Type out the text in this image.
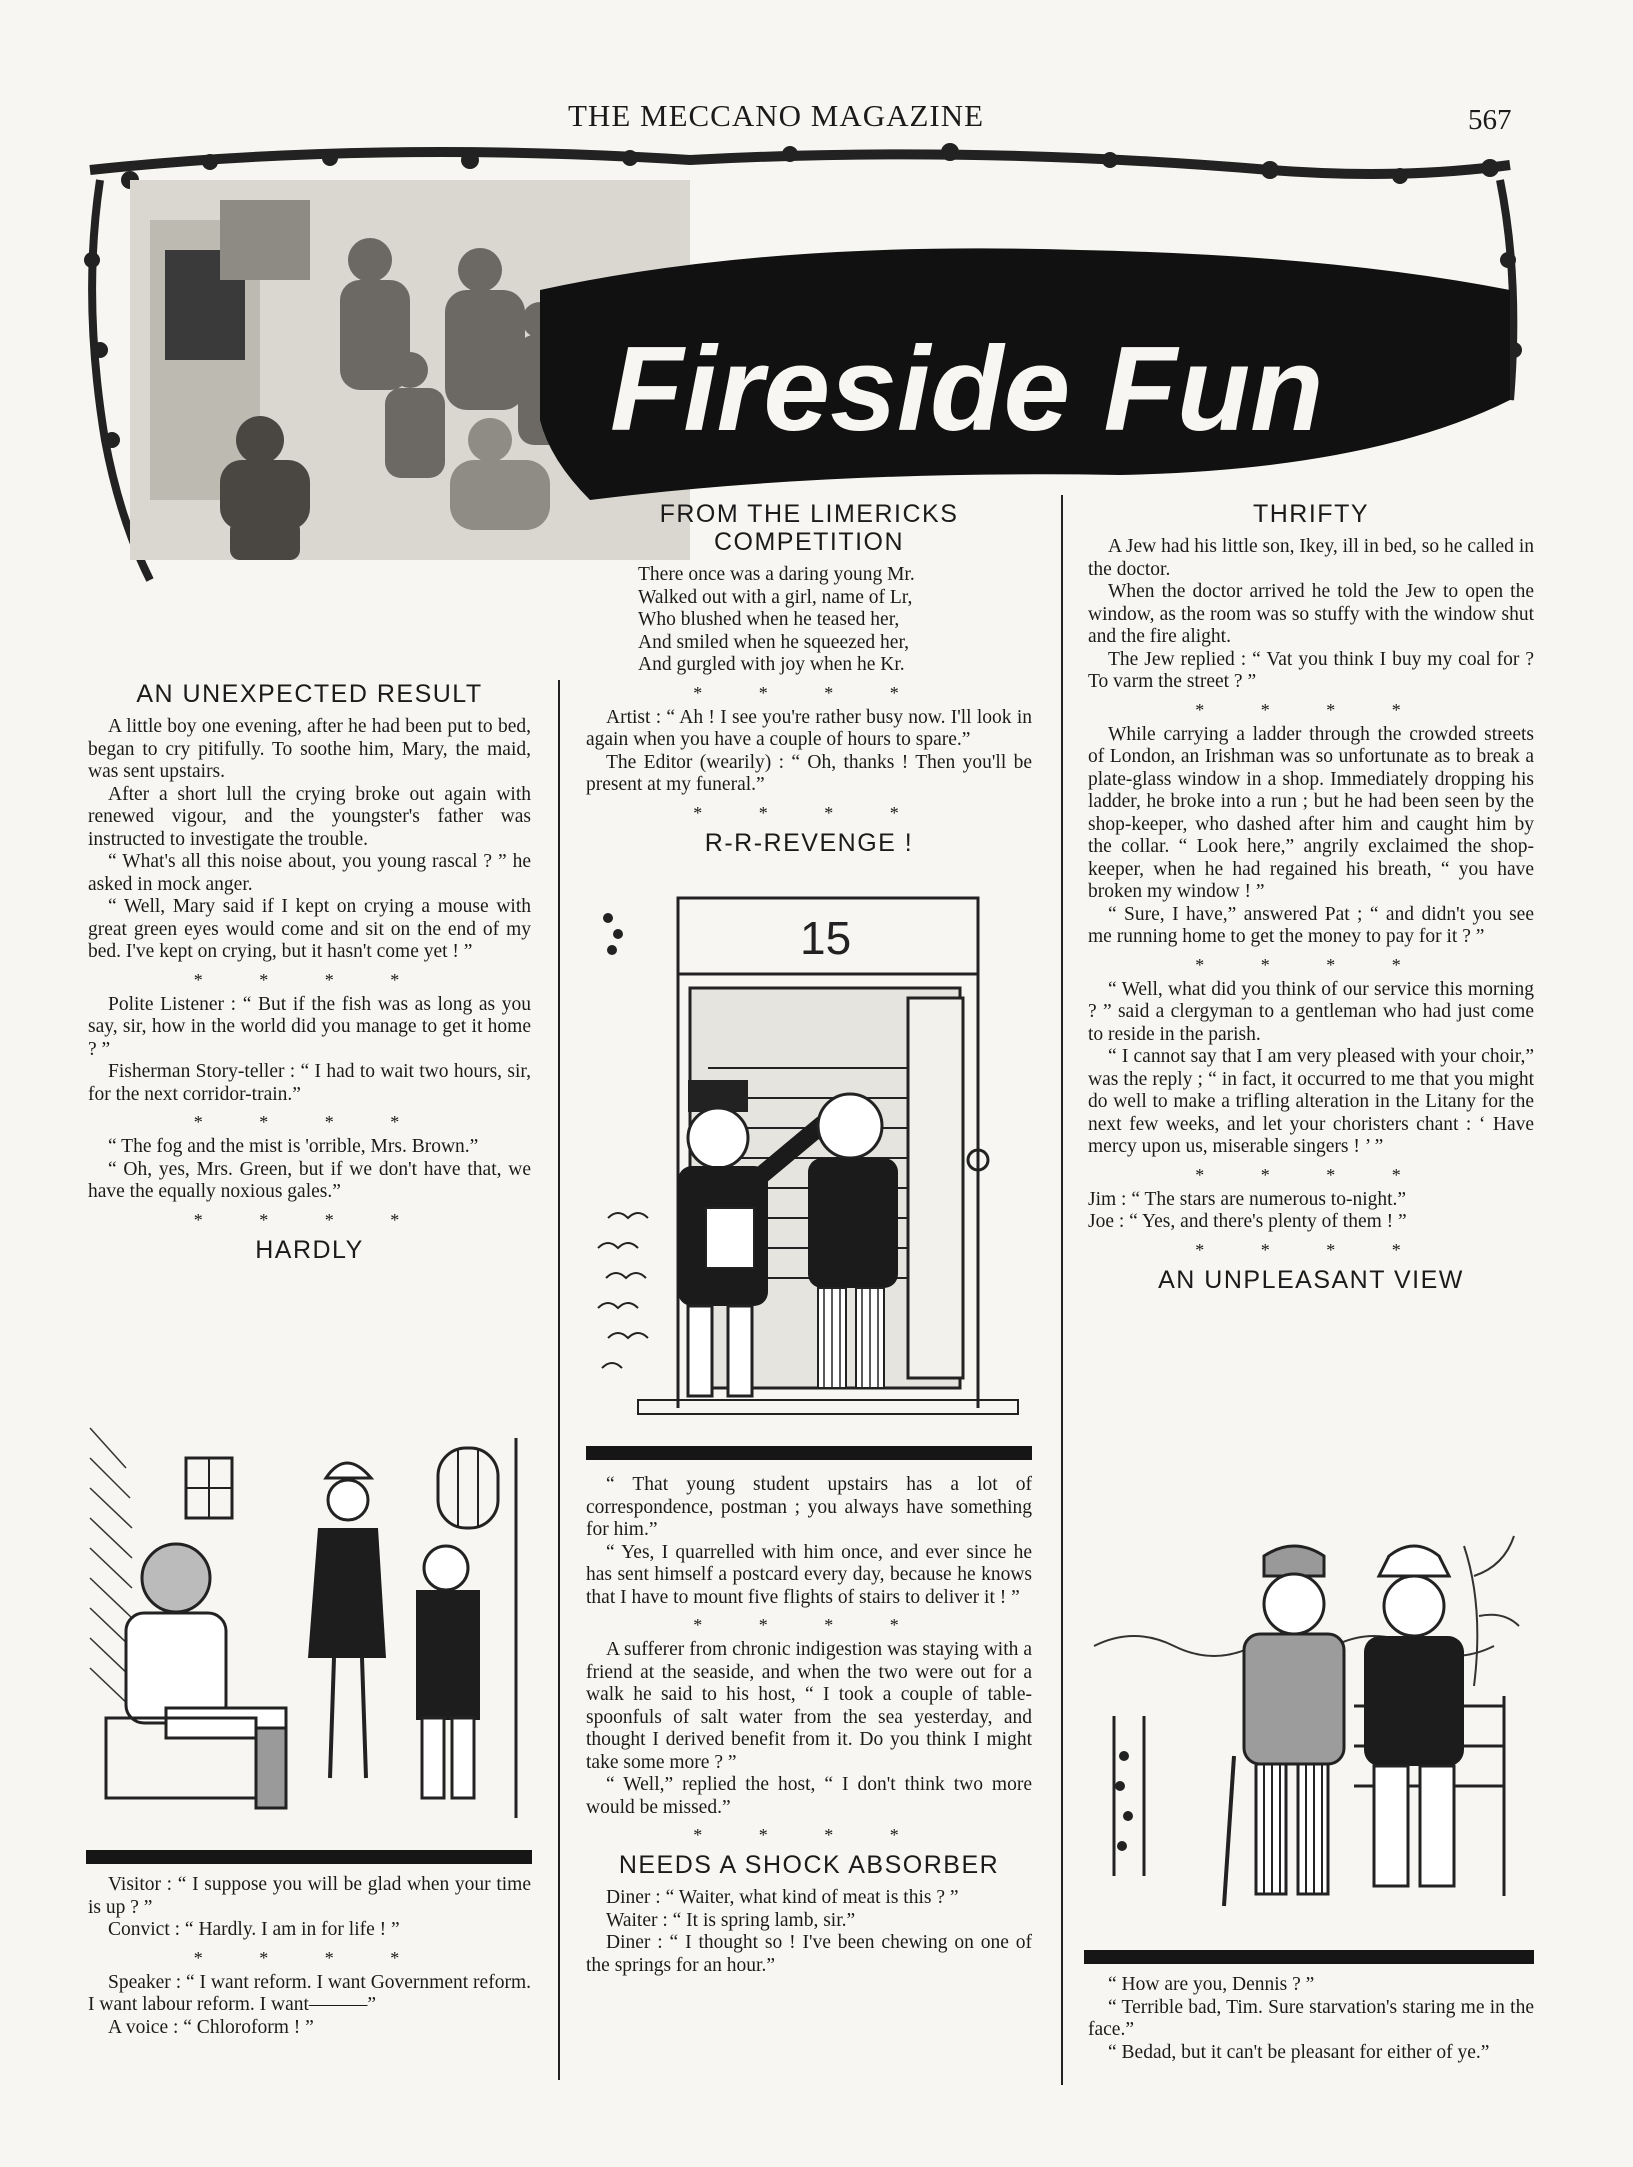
THE MECCANO MAGAZINE	567
Fireside Fun
AN UNEXPECTED RESULT

A little boy one evening, after he had been put to bed, began to cry pitifully. To soothe him, Mary, the maid, was sent upstairs.

After a short lull the crying broke out again with renewed vigour, and the youngster's father was instructed to investigate the trouble.

“ What's all this noise about, you young rascal ? ” he asked in mock anger.

“ Well, Mary said if I kept on crying a mouse with great green eyes would come and sit on the end of my bed. I've kept on crying, but it hasn't come yet ! ”

* * * *

Polite Listener : “ But if the fish was as long as you say, sir, how in the world did you manage to get it home ? ”

Fisherman Story-teller : “ I had to wait two hours, sir, for the next corridor-train.”

* * * *

“ The fog and the mist is 'orrible, Mrs. Brown.”

“ Oh, yes, Mrs. Green, but if we don't have that, we have the equally noxious gales.”

* * * *
HARDLY

Visitor : “ I suppose you will be glad when your time is up ? ”

Convict : “ Hardly. I am in for life ! ”

* * * *

Speaker : “ I want reform. I want Government reform. I want labour reform. I want———”

A voice : “ Chloroform ! ”

FROM THE LIMERICKS COMPETITION

There once was a daring young Mr.

Walked out with a girl, name of Lr,

Who blushed when he teased her,

And smiled when he squeezed her,

And gurgled with joy when he Kr.

* * * *

Artist : “ Ah ! I see you're rather busy now. I'll look in again when you have a couple of hours to spare.”

The Editor (wearily) : “ Oh, thanks ! Then you'll be present at my funeral.”

* * * *
R-R-REVENGE !
15

“ That young student upstairs has a lot of correspondence, postman ; you always have something for him.”

“ Yes, I quarrelled with him once, and ever since he has sent himself a postcard every day, because he knows that I have to mount five flights of stairs to deliver it ! ”

* * * *

A sufferer from chronic indigestion was staying with a friend at the seaside, and when the two were out for a walk he said to his host, “ I took a couple of table-spoonfuls of salt water from the sea yesterday, and thought I derived benefit from it. Do you think I might take some more ? ”

“ Well,” replied the host, “ I don't think two more would be missed.”

* * * *
NEEDS A SHOCK ABSORBER

Diner : “ Waiter, what kind of meat is this ? ”

Waiter : “ It is spring lamb, sir.”

Diner : “ I thought so ! I've been chewing on one of the springs for an hour.”

THRIFTY

A Jew had his little son, Ikey, ill in bed, so he called in the doctor.

When the doctor arrived he told the Jew to open the window, as the room was so stuffy with the window shut and the fire alight.

The Jew replied : “ Vat you think I buy my coal for ? To varm the street ? ”

* * * *

While carrying a ladder through the crowded streets of London, an Irishman was so unfortunate as to break a plate-glass window in a shop. Immediately dropping his ladder, he broke into a run ; but he had been seen by the shop-keeper, who dashed after him and caught him by the collar. “ Look here,” angrily exclaimed the shop-keeper, when he had regained his breath, “ you have broken my window ! ”

“ Sure, I have,” answered Pat ; “ and didn't you see me running home to get the money to pay for it ? ”

* * * *

“ Well, what did you think of our service this morning ? ” said a clergyman to a gentleman who had just come to reside in the parish.

“ I cannot say that I am very pleased with your choir,” was the reply ; “ in fact, it occurred to me that you might do well to make a trifling alteration in the Litany for the next few weeks, and let your choristers chant : ‘ Have mercy upon us, miserable singers ! ’ ”

* * * *

Jim : “ The stars are numerous to-night.”

Joe : “ Yes, and there's plenty of them ! ”

* * * *
AN UNPLEASANT VIEW

“ How are you, Dennis ? ”

“ Terrible bad, Tim. Sure starvation's staring me in the face.”

“ Bedad, but it can't be pleasant for either of ye.”
